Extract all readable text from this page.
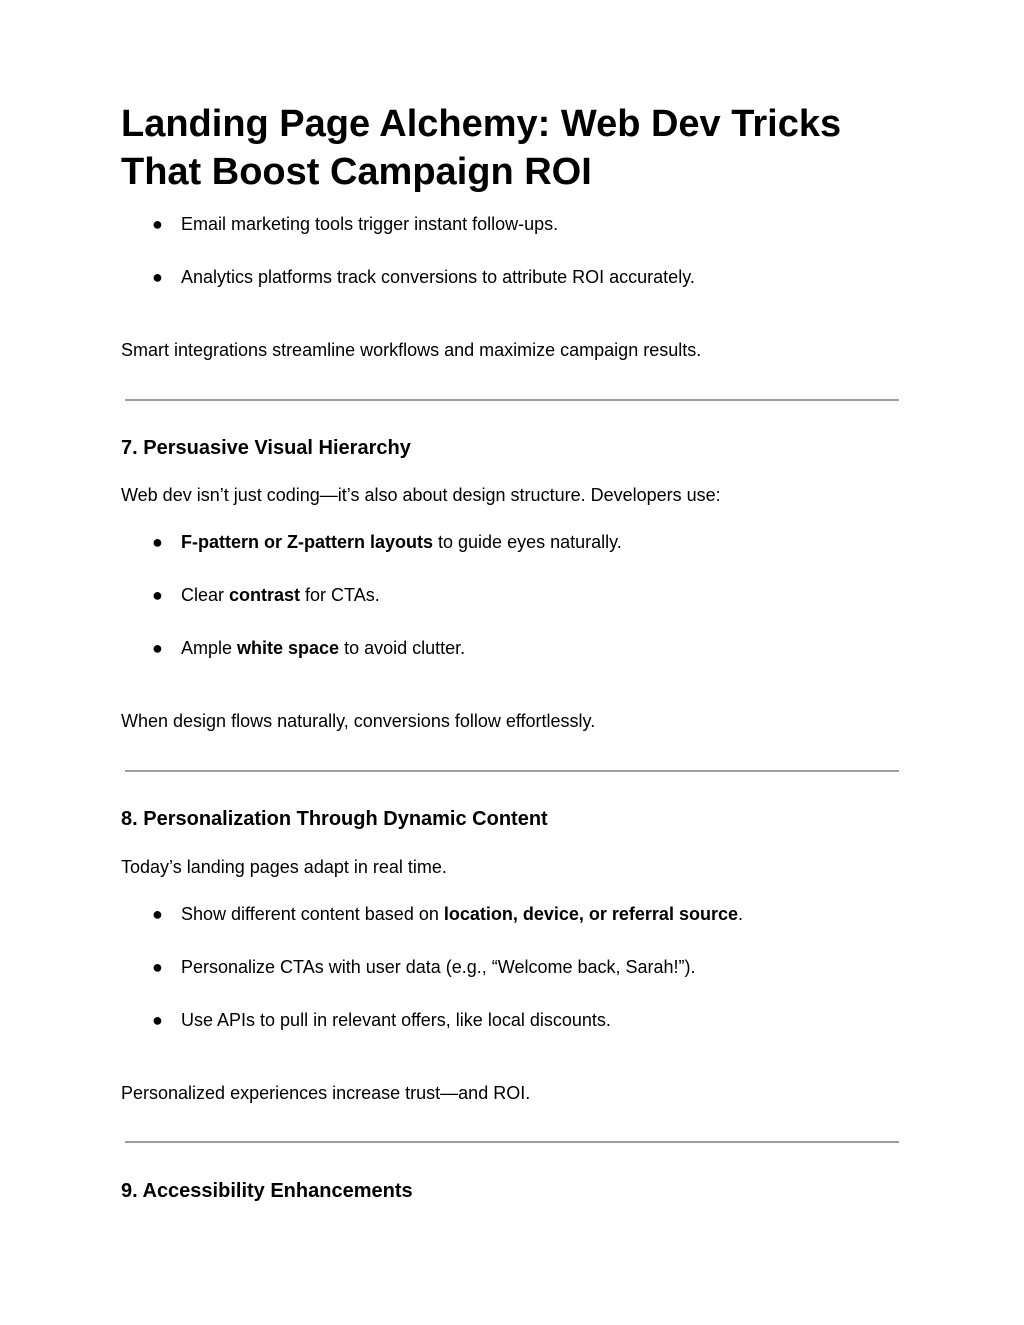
Landing Page Alchemy: Web Dev Tricks That Boost Campaign ROI
● Email marketing tools trigger instant follow-ups.
● Analytics platforms track conversions to attribute ROI accurately.

Smart integrations streamline workflows and maximize campaign results.

7. Persuasive Visual Hierarchy

Web dev isn’t just coding—it’s also about design structure. Developers use:

● F-pattern or Z-pattern layouts to guide eyes naturally.
● Clear contrast for CTAs.
● Ample white space to avoid clutter.

When design flows naturally, conversions follow effortlessly.

8. Personalization Through Dynamic Content

Today’s landing pages adapt in real time.

● Show different content based on location, device, or referral source.
● Personalize CTAs with user data (e.g., “Welcome back, Sarah!”).
● Use APIs to pull in relevant offers, like local discounts.

Personalized experiences increase trust—and ROI.

9. Accessibility Enhancements
